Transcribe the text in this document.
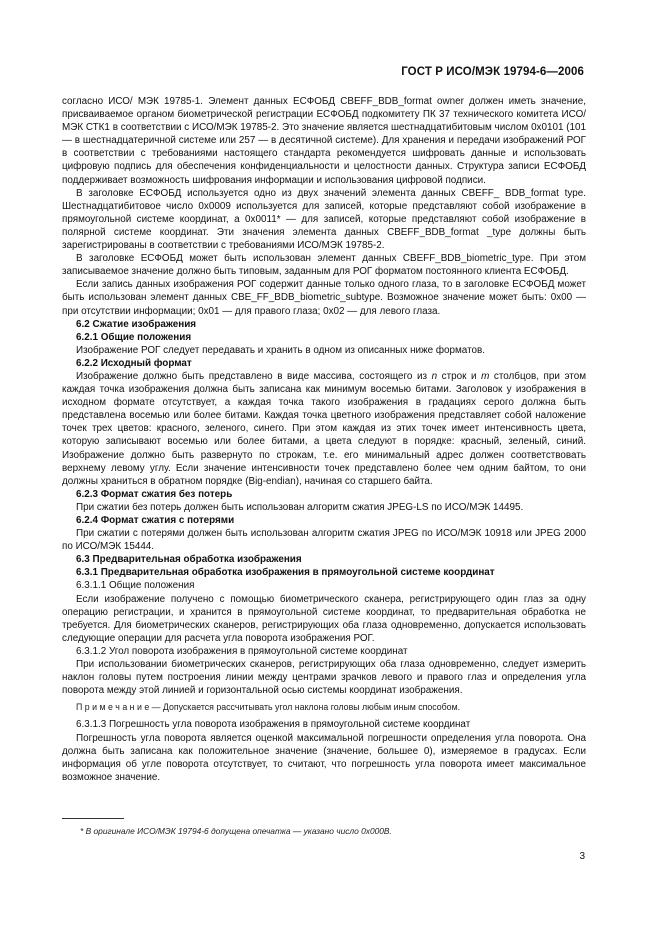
ГОСТ Р ИСО/МЭК 19794-6—2006

согласно ИСО/ МЭК 19785-1. Элемент данных ЕСФОБД CBEFF_BDB_format owner должен иметь значение, присваиваемое органом биометрической регистрации ЕСФОБД подкомитету ПК 37 технического комитета ИСО/МЭК СТК1 в соответствии с ИСО/МЭК 19785-2. Это значение является шестнадцатибитовым числом 0x0101 (101 — в шестнадцатеричной системе или 257 — в десятичной системе). Для хранения и передачи изображений РОГ в соответствии с требованиями настоящего стандарта рекомендуется шифровать данные и использовать цифровую подпись для обеспечения конфиденциальности и целостности данных. Структура записи ЕСФОБД поддерживает возможность шифрования информации и использования цифровой подписи.

В заголовке ЕСФОБД используется одно из двух значений элемента данных CBEFF_ BDB_format type. Шестнадцатибитовое число 0x0009 используется для записей, которые представляют собой изображение в прямоугольной системе координат, а 0x0011* — для записей, которые представляют собой изображение в полярной системе координат. Эти значения элемента данных CBEFF_BDB_format _type должны быть зарегистрированы в соответствии с требованиями ИСО/МЭК 19785-2.

В заголовке ЕСФОБД может быть использован элемент данных CBEFF_BDB_biometric_type. При этом записываемое значение должно быть типовым, заданным для РОГ форматом постоянного клиента ЕСФОБД.

Если запись данных изображения РОГ содержит данные только одного глаза, то в заголовке ЕСФОБД может быть использован элемент данных CBE_FF_BDB_biometric_subtype. Возможное значение может быть: 0x00 — при отсутствии информации; 0x01 — для правого глаза; 0x02 — для левого глаза.

6.2 Сжатие изображения
6.2.1 Общие положения

Изображение РОГ следует передавать и хранить в одном из описанных ниже форматов.

6.2.2 Исходный формат

Изображение должно быть представлено в виде массива, состоящего из n строк и m столбцов, при этом каждая точка изображения должна быть записана как минимум восемью битами. Заголовок у изображения в исходном формате отсутствует, а каждая точка такого изображения в градациях серого должна быть представлена восемью или более битами. Каждая точка цветного изображения представляет собой наложение точек трех цветов: красного, зеленого, синего. При этом каждая из этих точек имеет интенсивность цвета, которую записывают восемью или более битами, а цвета следуют в порядке: красный, зеленый, синий. Изображение должно быть развернуто по строкам, т.е. его минимальный адрес должен соответствовать верхнему левому углу. Если значение интенсивности точек представлено более чем одним байтом, то они должны храниться в обратном порядке (Big-endian), начиная со старшего байта.

6.2.3 Формат сжатия без потерь

При сжатии без потерь должен быть использован алгоритм сжатия JPEG-LS по ИСО/МЭК 14495.

6.2.4 Формат сжатия с потерями

При сжатии с потерями должен быть использован алгоритм сжатия JPEG по ИСО/МЭК 10918 или JPEG 2000 по ИСО/МЭК 15444.

6.3 Предварительная обработка изображения
6.3.1 Предварительная обработка изображения в прямоугольной системе координат
6.3.1.1 Общие положения

Если изображение получено с помощью биометрического сканера, регистрирующего один глаз за одну операцию регистрации, и хранится в прямоугольной системе координат, то предварительная обработка не требуется. Для биометрических сканеров, регистрирующих оба глаза одновременно, допускается использовать следующие операции для расчета угла поворота изображения РОГ.

6.3.1.2 Угол поворота изображения в прямоугольной системе координат

При использовании биометрических сканеров, регистрирующих оба глаза одновременно, следует измерить наклон головы путем построения линии между центрами зрачков левого и правого глаз и определения угла поворота между этой линией и горизонтальной осью системы координат изображения.

П р и м е ч а н и е — Допускается рассчитывать угол наклона головы любым иным способом.

6.3.1.3 Погрешность угла поворота изображения в прямоугольной системе координат

Погрешность угла поворота является оценкой максимальной погрешности определения угла поворота. Она должна быть записана как положительное значение (значение, большее 0), измеряемое в градусах. Если информация об угле поворота отсутствует, то считают, что погрешность угла поворота имеет максимальное возможное значение.

* В оригинале ИСО/МЭК 19794-6 допущена опечатка — указано число 0x000B.
3
